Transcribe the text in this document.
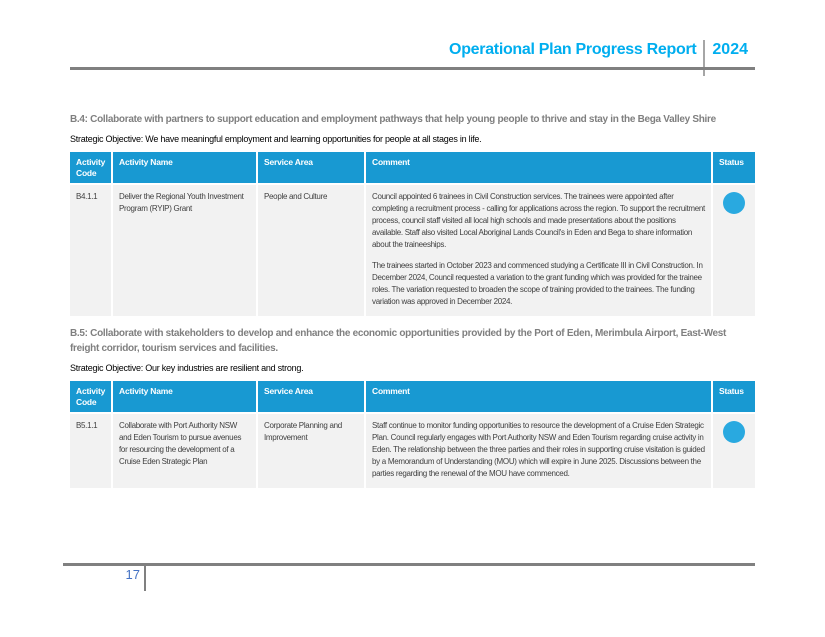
Operational Plan Progress Report 2024
B.4: Collaborate with partners to support education and employment pathways that help young people to thrive and stay in the Bega Valley Shire
Strategic Objective: We have meaningful employment and learning opportunities for people at all stages in life.
Activity Code	Activity Name	Service Area	Comment	Status
B4.1.1	Deliver the Regional Youth Investment Program (RYIP) Grant	People and Culture	Council appointed 6 trainees in Civil Construction services. The trainees were appointed after completing a recruitment process - calling for applications across the region. To support the recruitment process, council staff visited all local high schools and made presentations about the positions available. Staff also visited Local Aboriginal Lands Council's in Eden and Bega to share information about the traineeships.

The trainees started in October 2023 and commenced studying a Certificate III in Civil Construction. In December 2024, Council requested a variation to the grant funding which was provided for the trainee roles. The variation requested to broaden the scope of training provided to the trainees. The funding variation was approved in December 2024.	

B.5: Collaborate with stakeholders to develop and enhance the economic opportunities provided by the Port of Eden, Merimbula Airport, East-West freight corridor, tourism services and facilities.
Strategic Objective: Our key industries are resilient and strong.
Activity Code	Activity Name	Service Area	Comment	Status
B5.1.1	Collaborate with Port Authority NSW and Eden Tourism to pursue avenues for resourcing the development of a Cruise Eden Strategic Plan	Corporate Planning and Improvement	Staff continue to monitor funding opportunities to resource the development of a Cruise Eden Strategic Plan. Council regularly engages with Port Authority NSW and Eden Tourism regarding cruise activity in Eden. The relationship between the three parties and their roles in supporting cruise visitation is guided by a Memorandum of Understanding (MOU) which will expire in June 2025. Discussions between the parties regarding the renewal of the MOU have commenced.	

17
